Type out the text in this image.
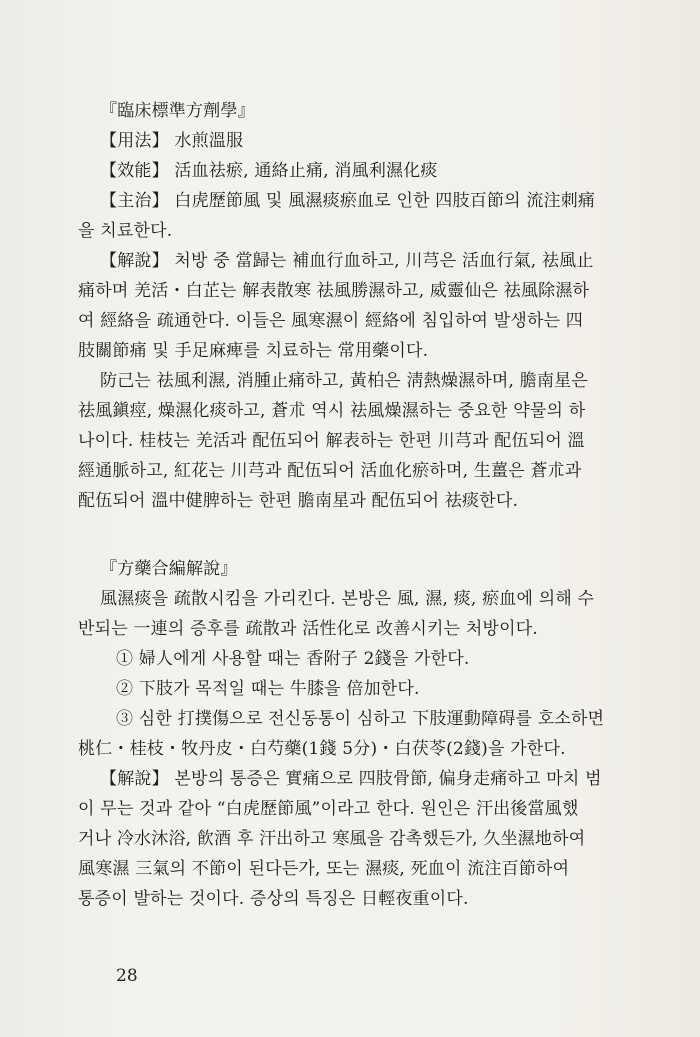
『臨床標準方劑學』
【用法】 水煎溫服
【效能】 活血祛瘀, 通絡止痛, 消風利濕化痰
【主治】 白虎歷節風 및 風濕痰瘀血로 인한 四肢百節의 流注刺痛
을 치료한다.
【解說】 처방 중 當歸는 補血行血하고, 川芎은 活血行氣, 祛風止
痛하며 羌活・白芷는 解表散寒 祛風勝濕하고, 威靈仙은 祛風除濕하
여 經絡을 疏通한다. 이들은 風寒濕이 經絡에 침입하여 발생하는 四
肢關節痛 및 手足麻痺를 치료하는 常用藥이다.
防己는 祛風利濕, 消腫止痛하고, 黃柏은 淸熱燥濕하며, 膽南星은
祛風鎭痙, 燥濕化痰하고, 蒼朮 역시 祛風燥濕하는 중요한 약물의 하
나이다. 桂枝는 羌活과 配伍되어 解表하는 한편 川芎과 配伍되어 溫
經通脈하고, 紅花는 川芎과 配伍되어 活血化瘀하며, 生薑은 蒼朮과
配伍되어 溫中健脾하는 한편 膽南星과 配伍되어 祛痰한다.
『方藥合編解說』
風濕痰을 疏散시킴을 가리킨다. 본방은 風, 濕, 痰, 瘀血에 의해 수
반되는 一連의 증후를 疏散과 活性化로 改善시키는 처방이다.
① 婦人에게 사용할 때는 香附子 2錢을 가한다.
② 下肢가 목적일 때는 牛膝을 倍加한다.
③ 심한 打撲傷으로 전신동통이 심하고 下肢運動障碍를 호소하면
桃仁・桂枝・牧丹皮・白芍藥(1錢 5分)・白茯苓(2錢)을 가한다.
【解說】 본방의 통증은 實痛으로 四肢骨節, 偏身走痛하고 마치 범
이 무는 것과 같아 “白虎歷節風”이라고 한다. 원인은 汗出後當風했
거나 冷水沐浴, 飮酒 후 汗出하고 寒風을 감촉했든가, 久坐濕地하여
風寒濕 三氣의 不節이 된다든가, 또는 濕痰, 死血이 流注百節하여
통증이 발하는 것이다. 증상의 특징은 日輕夜重이다.
28
